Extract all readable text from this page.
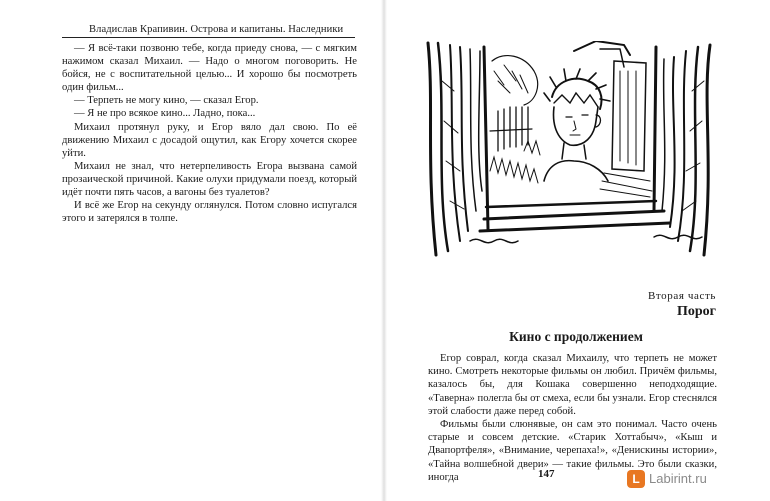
Владислав Крапивин. Острова и капитаны. Наследники

— Я всё-таки позвоню тебе, когда приеду снова, — с мягким нажимом сказал Михаил. — Надо о многом поговорить. Не бойся, не с воспитательной целью... И хорошо бы посмотреть один фильм...

— Терпеть не могу кино, — сказал Егор.

— Я не про всякое кино... Ладно, пока...

Михаил протянул руку, и Егор вяло дал свою. По её движению Михаил с досадой ощутил, как Егору хочется скорее уйти.

Михаил не знал, что нетерпеливость Егора вызвана самой прозаической причиной. Какие олухи придумали поезд, который идёт почти пять часов, а вагоны без туалетов?

И всё же Егор на секунду оглянулся. Потом словно испугался этого и затерялся в толпе.

Вторая часть
Порог
Кино с продолжением

Егор соврал, когда сказал Михаилу, что терпеть не может кино. Смотреть некоторые фильмы он любил. Причём фильмы, казалось бы, для Кошака совершенно неподходящие. «Таверна» полегла бы от смеха, если бы узнали. Егор стеснялся этой слабости даже перед собой.

Фильмы были слюнявые, он сам это понимал. Часто очень старые и совсем детские. «Старик Хоттабыч», «Кыш и Двапортфеля», «Внимание, черепаха!», «Денискины истории», «Тайна волшебной двери» — такие фильмы. Это были сказки, иногда	147	L Labirint.ru
